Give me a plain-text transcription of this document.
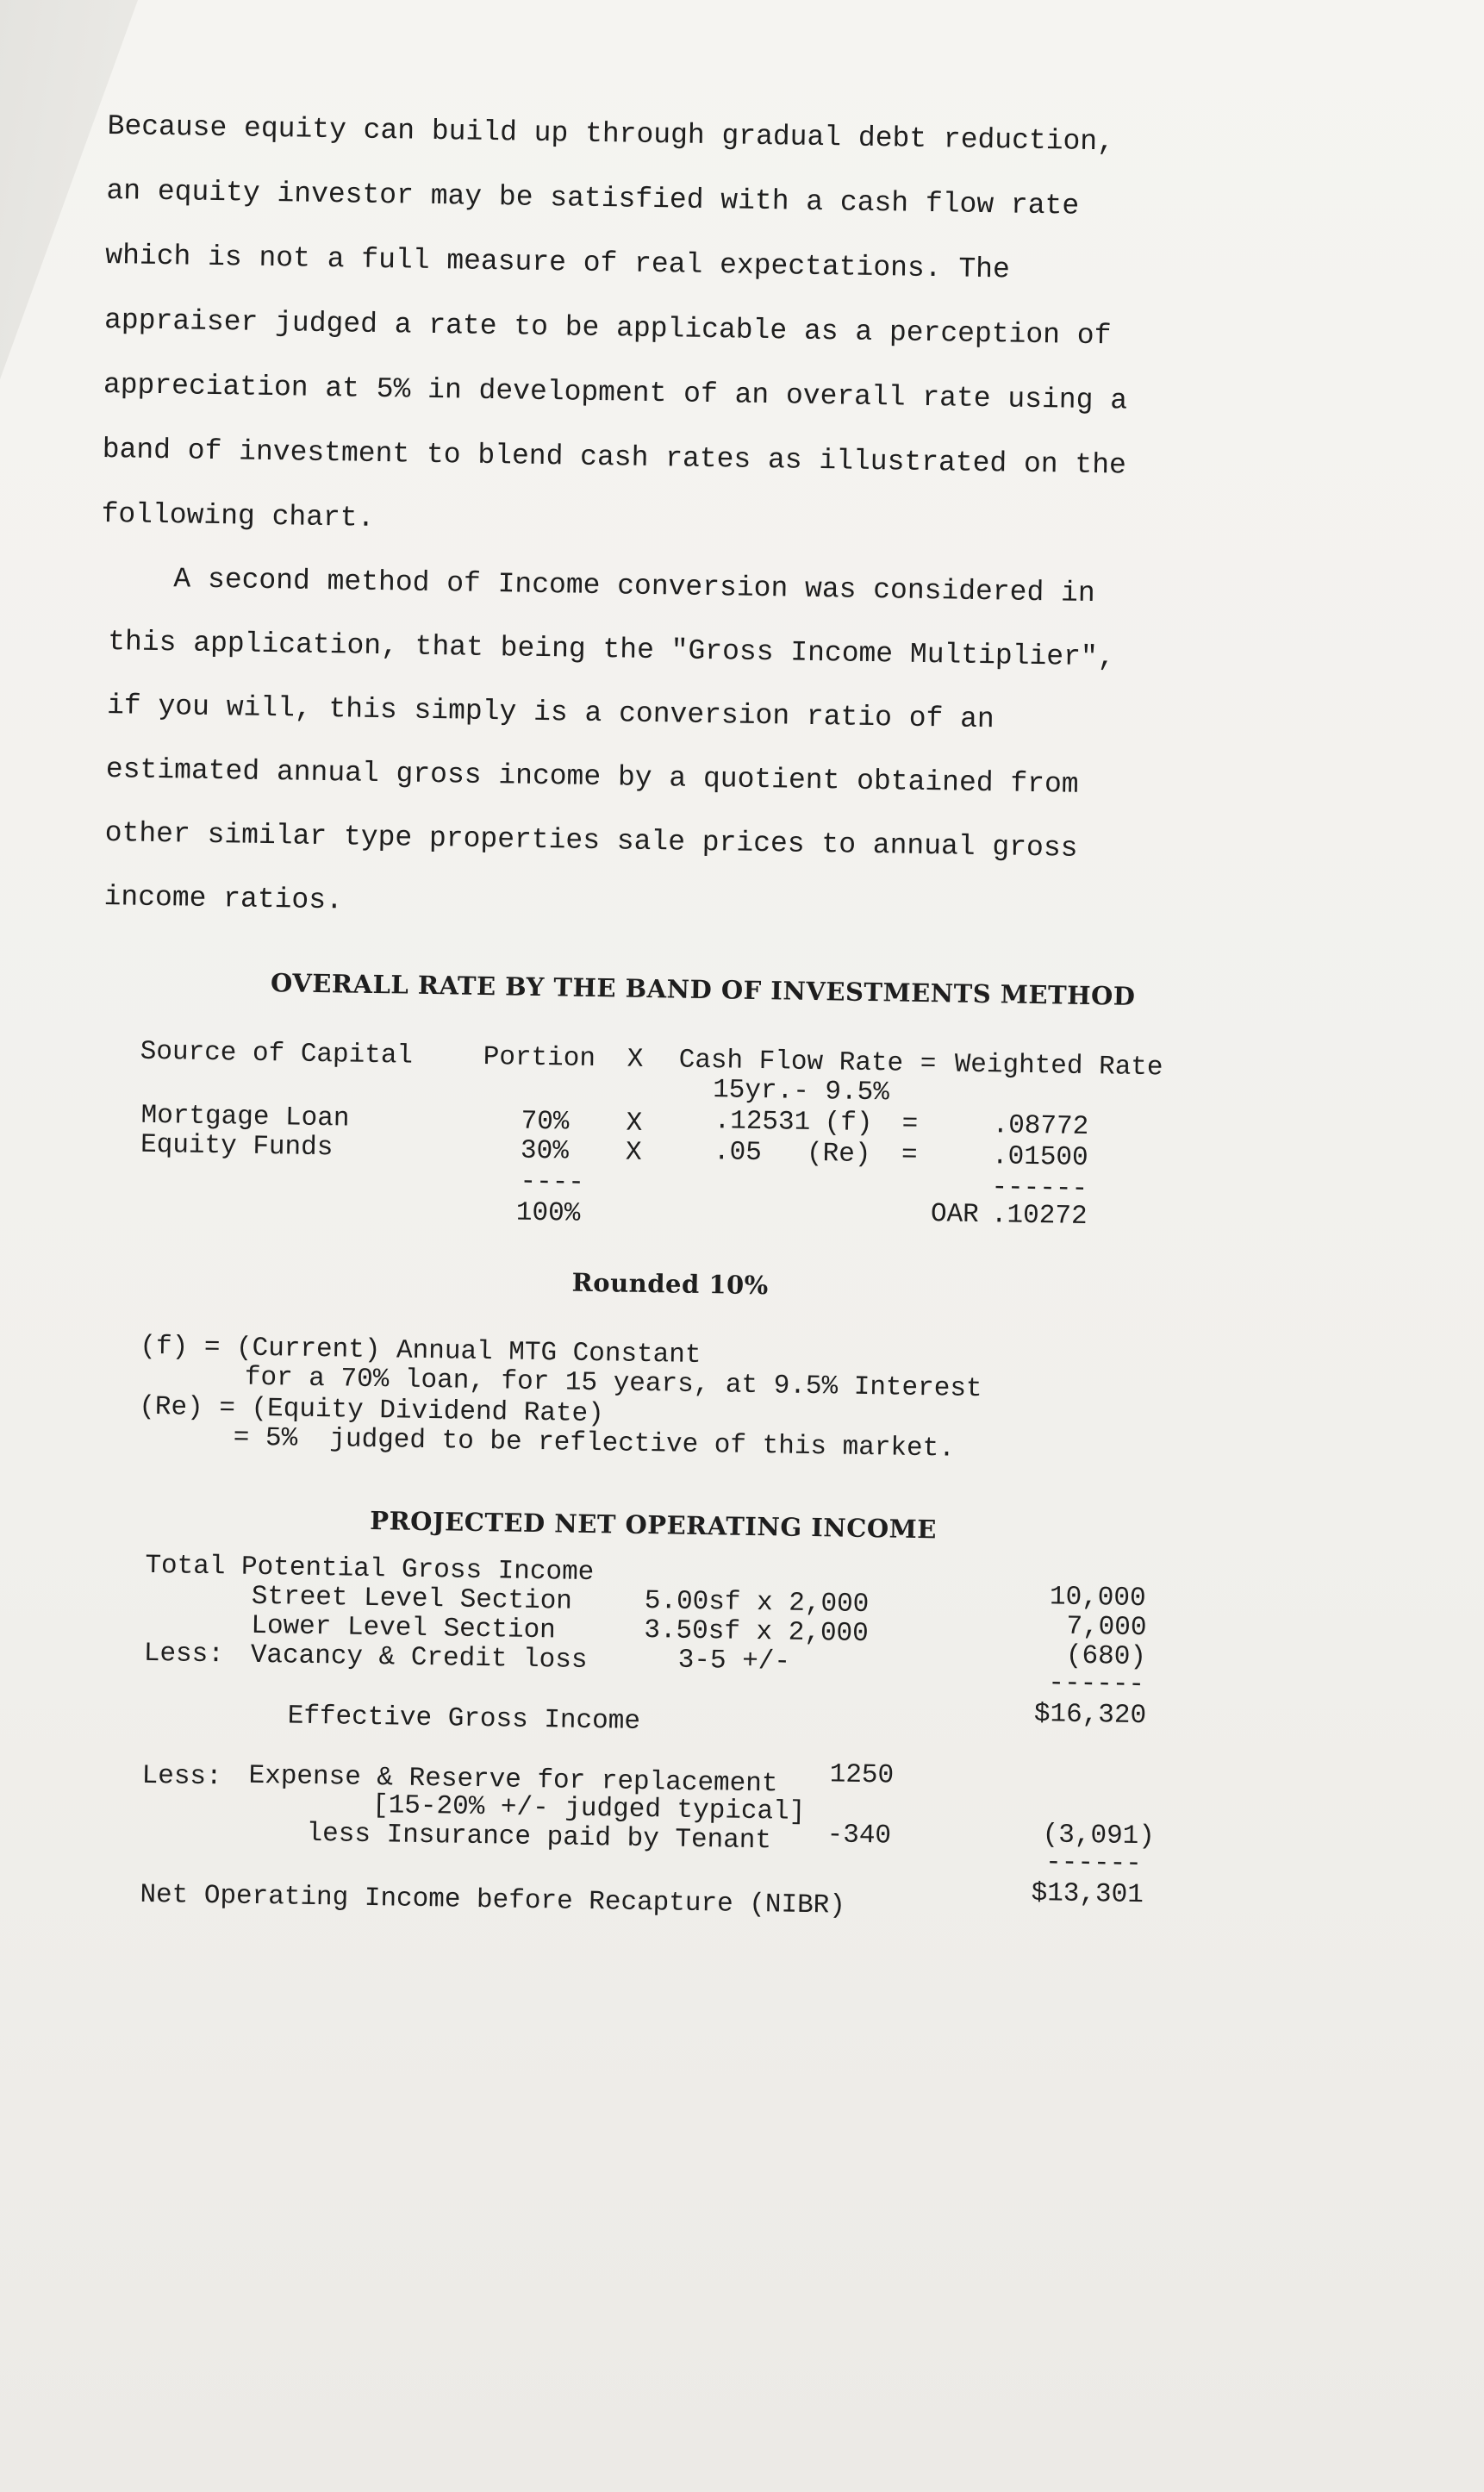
Because equity can build up through gradual debt reduction,

an equity investor may be satisfied with a cash flow rate

which is not a full measure of real expectations. The

appraiser judged a rate to be applicable as a perception of

appreciation at 5% in development of an overall rate using a

band of investment to blend cash rates as illustrated on the

following chart.

A second method of Income conversion was considered in

this application, that being the "Gross Income Multiplier",

if you will, this simply is a conversion ratio of an

estimated annual gross income by a quotient obtained from

other similar type properties sale prices to annual gross

income ratios.

OVERALL RATE BY THE BAND OF INVESTMENTS METHOD
Source of Capital	Portion X Cash Flow Rate = Weighted Rate
15yr.- 9.5%
Mortgage Loan	70% X	.12531 (f) =	.08772
Equity Funds	30% X	.05 (Re) =	.01500
----	------
100%	OAR .10272
Rounded 10%
(f) = (Current) Annual MTG Constant
for a 70% loan, for 15 years, at 9.5% Interest
(Re) = (Equity Dividend Rate)
= 5%  judged to be reflective of this market.
PROJECTED NET OPERATING INCOME
Total Potential Gross Income
Street Level Section	5.00sf x 2,000	10,000
Lower Level Section	3.50sf x 2,000	7,000
Less: Vacancy & Credit loss	3-5 +/-	(680)
------
Effective Gross Income	$16,320
Less: Expense & Reserve for replacement 1250
[15-20% +/- judged typical]
less Insurance paid by Tenant -340	(3,091)
------
Net Operating Income before Recapture (NIBR)	$13,301
